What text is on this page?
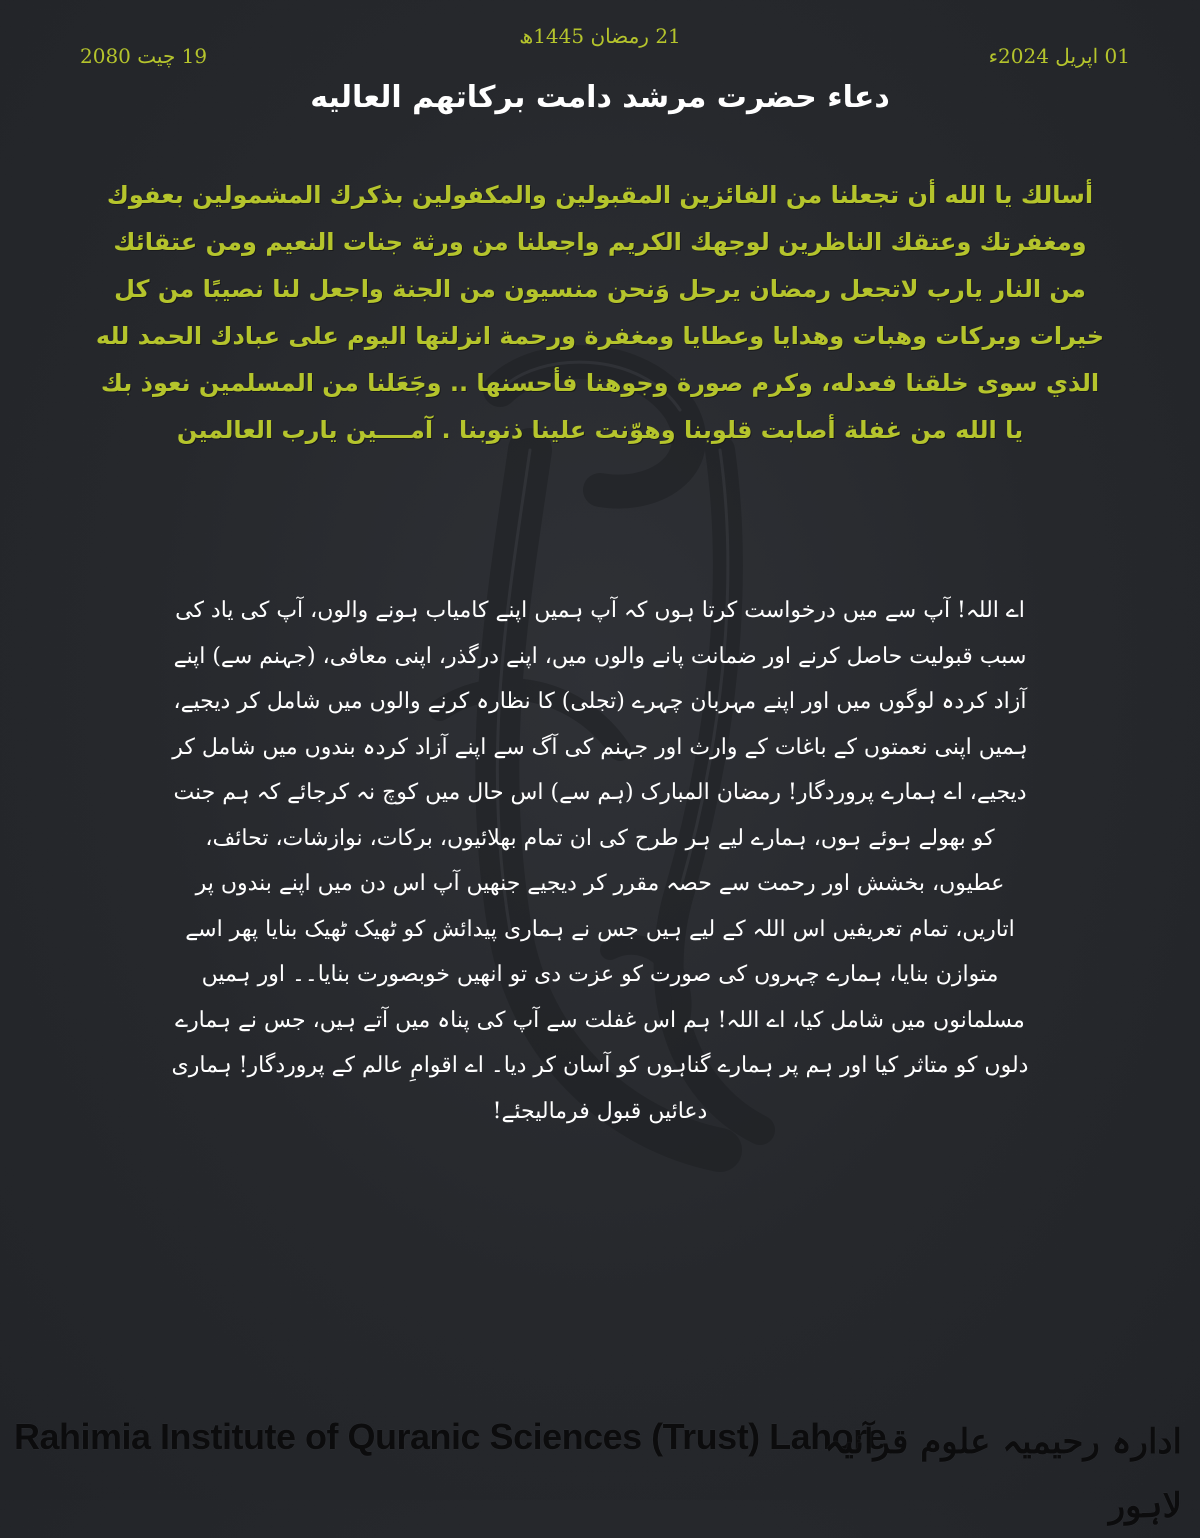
19 چیت 2080
21 رمضان 1445ھ
01 اپریل 2024ء
دعاء حضرت مرشد دامت برکاتهم العالیه
أسالك يا الله أن تجعلنا من الفائزين المقبولين والمكفولين بذكرك المشمولين بعفوك ومغفرتك وعتقك الناظرين لوجهك الكريم واجعلنا من ورثة جنات النعيم ومن عتقائك من النار يارب لاتجعل رمضان يرحل وَنحن منسيون من الجنة واجعل لنا نصيبًا من كل خيرات وبركات وهبات وهدايا وعطايا ومغفرة ورحمة انزلتها اليوم على عبادك الحمد لله الذي سوى خلقنا فعدله، وكرم صورة وجوهنا فأحسنها .. وجَعَلنا من المسلمين نعوذ بك يا الله من غفلة أصابت قلوبنا وهوّنت علينا ذنوبنا . آمــــين يارب العالمين
اے اللہ! آپ سے میں درخواست کرتا ہوں کہ آپ ہمیں اپنے کامیاب ہونے والوں، آپ کی یاد کی سبب قبولیت حاصل کرنے اور ضمانت پانے والوں میں، اپنے درگذر، اپنی معافی، (جہنم سے) اپنے آزاد کردہ لوگوں میں اور اپنے مہربان چہرے (تجلی) کا نظارہ کرنے والوں میں شامل کر دیجیے، ہمیں اپنی نعمتوں کے باغات کے وارث اور جہنم کی آگ سے اپنے آزاد کردہ بندوں میں شامل کر دیجیے، اے ہمارے پروردگار! رمضان المبارک (ہم سے) اس حال میں کوچ نہ کرجائے کہ ہم جنت کو بھولے ہوئے ہوں، ہمارے لیے ہر طرح کی ان تمام بھلائیوں، برکات، نوازشات، تحائف، عطیوں، بخشش اور رحمت سے حصہ مقرر کر دیجیے جنھیں آپ اس دن میں اپنے بندوں پر اتاریں، تمام تعریفیں اس اللہ کے لیے ہیں جس نے ہماری پیدائش کو ٹھیک ٹھیک بنایا پھر اسے متوازن بنایا، ہمارے چہروں کی صورت کو عزت دی تو انھیں خوبصورت بنایا۔۔ اور ہمیں مسلمانوں میں شامل کیا، اے اللہ! ہم اس غفلت سے آپ کی پناہ میں آتے ہیں، جس نے ہمارے دلوں کو متاثر کیا اور ہم پر ہمارے گناہوں کو آسان کر دیا۔ اے اقوامِ عالم کے پروردگار! ہماری دعائیں قبول فرمالیجئے!
Rahimia Institute of Quranic Sciences (Trust) Lahore
ادارہ رحیمیہ علوم قرآنیہ لاہور
